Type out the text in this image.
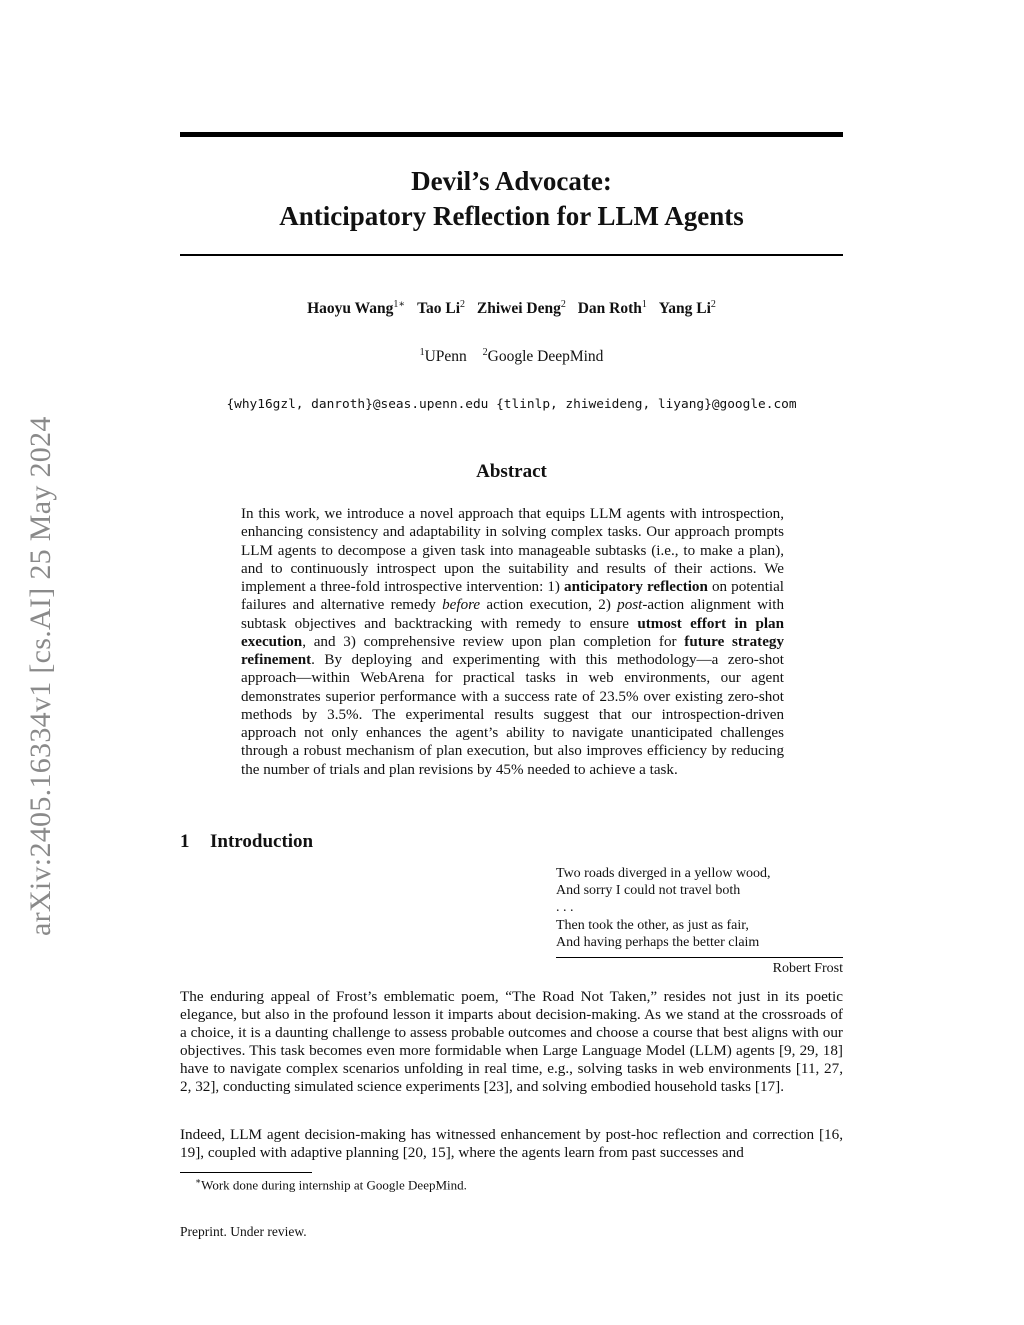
arXiv:2405.16334v1 [cs.AI] 25 May 2024
Devil’s Advocate:
Anticipatory Reflection for LLM Agents
Haoyu Wang$^{1∗}$ Tao Li$^2$ Zhiwei Deng$^2$ Dan Roth$^1$ Yang Li$^2$
$^1$UPenn $^2$Google DeepMind
{why16gzl, danroth}@seas.upenn.edu {tlinlp, zhiweideng, liyang}@google.com
Abstract
In this work, we introduce a novel approach that equips LLM agents with introspection, enhancing consistency and adaptability in solving complex tasks. Our approach prompts LLM agents to decompose a given task into manageable subtasks (i.e., to make a plan), and to continuously introspect upon the suitability and results of their actions. We implement a three-fold introspective intervention: 1) anticipatory reflection on potential failures and alternative remedy before action execution, 2) post-action alignment with subtask objectives and backtracking with remedy to ensure utmost effort in plan execution, and 3) comprehensive review upon plan completion for future strategy refinement. By deploying and experimenting with this methodology—a zero-shot approach—within WebArena for practical tasks in web environments, our agent demonstrates superior performance with a success rate of 23.5% over existing zero-shot methods by 3.5%. The experimental results suggest that our introspection-driven approach not only enhances the agent’s ability to navigate unanticipated challenges through a robust mechanism of plan execution, but also improves efficiency by reducing the number of trials and plan revisions by 45% needed to achieve a task.
1 Introduction
Two roads diverged in a yellow wood,
And sorry I could not travel both
. . .
Then took the other, as just as fair,
And having perhaps the better claim
Robert Frost
The enduring appeal of Frost’s emblematic poem, “The Road Not Taken,” resides not just in its poetic elegance, but also in the profound lesson it imparts about decision-making. As we stand at the crossroads of a choice, it is a daunting challenge to assess probable outcomes and choose a course that best aligns with our objectives. This task becomes even more formidable when Large Language Model (LLM) agents [9, 29, 18] have to navigate complex scenarios unfolding in real time, e.g., solving tasks in web environments [11, 27, 2, 32], conducting simulated science experiments [23], and solving embodied household tasks [17].
Indeed, LLM agent decision-making has witnessed enhancement by post-hoc reflection and correction [16, 19], coupled with adaptive planning [20, 15], where the agents learn from past successes and
∗Work done during internship at Google DeepMind.
Preprint. Under review.
